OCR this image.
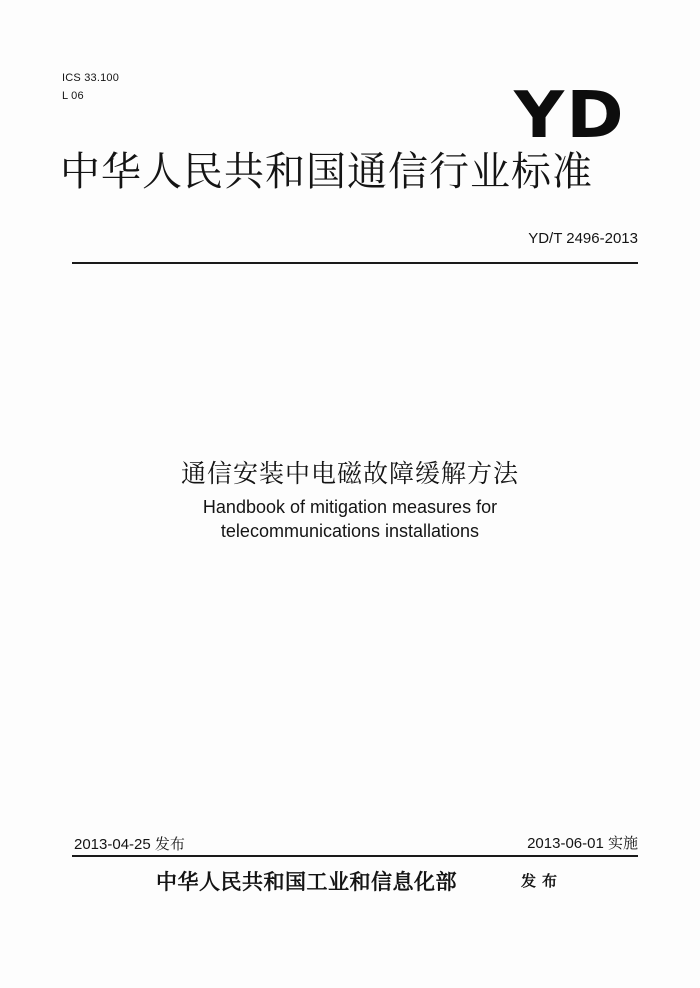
ICS 33.100
L 06	YD
中华人民共和国通信行业标准
YD/T 2496-2013
通信安装中电磁故障缓解方法
Handbook of mitigation measures for
telecommunications installations
2013-04-25 发布	2013-06-01 实施
中华人民共和国工业和信息化部	发布
